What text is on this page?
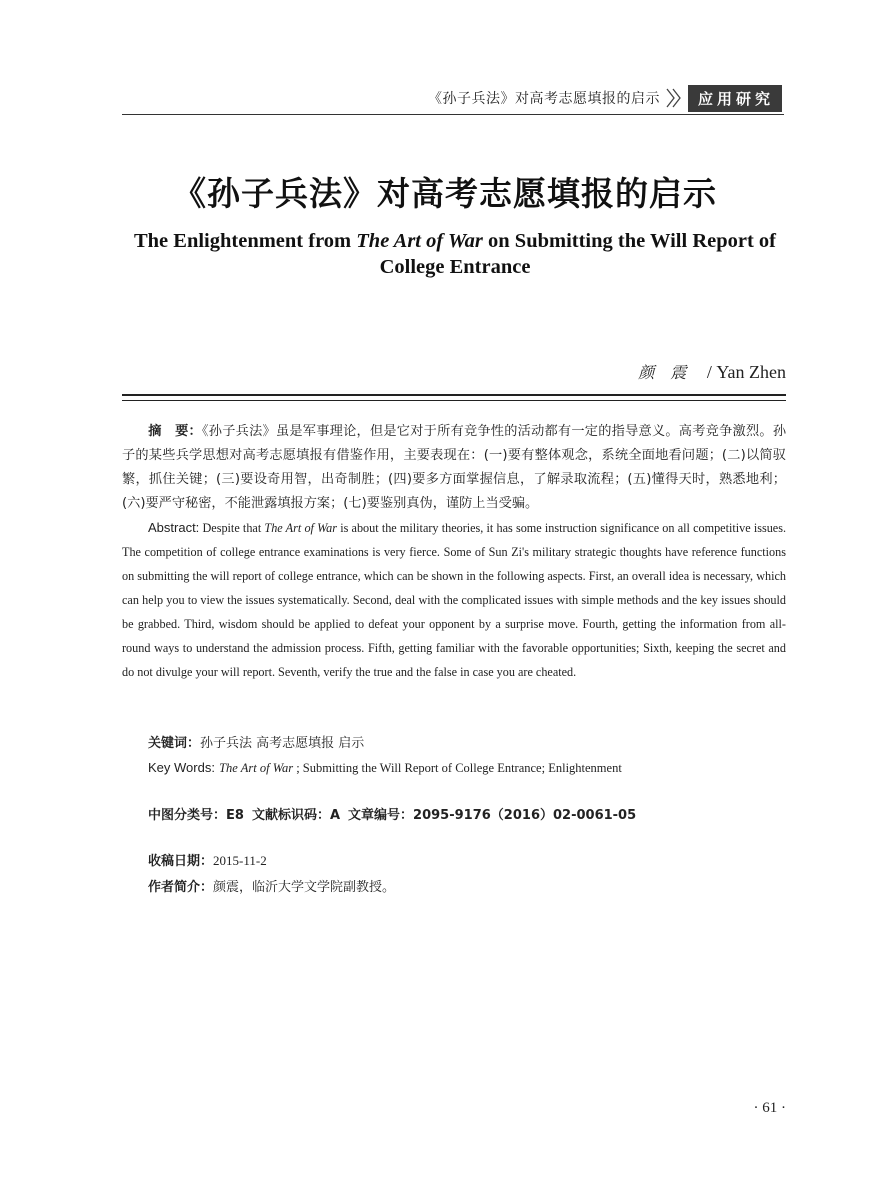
《孙子兵法》对高考志愿填报的启示	应用研究
《孙子兵法》对高考志愿填报的启示
The Enlightenment from The Art of War on Submitting the Will Report of College Entrance
颜震 / Yan Zhen
摘　要：《孙子兵法》虽是军事理论，但是它对于所有竞争性的活动都有一定的指导意义。高考竞争激烈。孙子的某些兵学思想对高考志愿填报有借鉴作用，主要表现在：(一)要有整体观念，系统全面地看问题；(二)以简驭繁，抓住关键；(三)要设奇用智，出奇制胜；(四)要多方面掌握信息，了解录取流程；(五)懂得天时，熟悉地利；(六)要严守秘密，不能泄露填报方案；(七)要鉴别真伪，谨防上当受骗。
Abstract: Despite that The Art of War is about the military theories, it has some instruction significance on all competitive issues. The competition of college entrance examinations is very fierce. Some of Sun Zi's military strategic thoughts have reference functions on submitting the will report of college entrance, which can be shown in the following aspects. First, an overall idea is necessary, which can help you to view the issues systematically. Second, deal with the complicated issues with simple methods and the key issues should be grabbed. Third, wisdom should be applied to defeat your opponent by a surprise move. Fourth, getting the information from all-round ways to understand the admission process. Fifth, getting familiar with the favorable opportunities; Sixth, keeping the secret and do not divulge your will report. Seventh, verify the true and the false in case you are cheated.
关键词：孙子兵法 高考志愿填报 启示
Key Words: The Art of War ; Submitting the Will Report of College Entrance; Enlightenment
中图分类号：E8 文献标识码：A 文章编号：2095-9176（2016）02-0061-05
收稿日期：2015-11-2
作者简介：颜震，临沂大学文学院副教授。
· 61 ·
